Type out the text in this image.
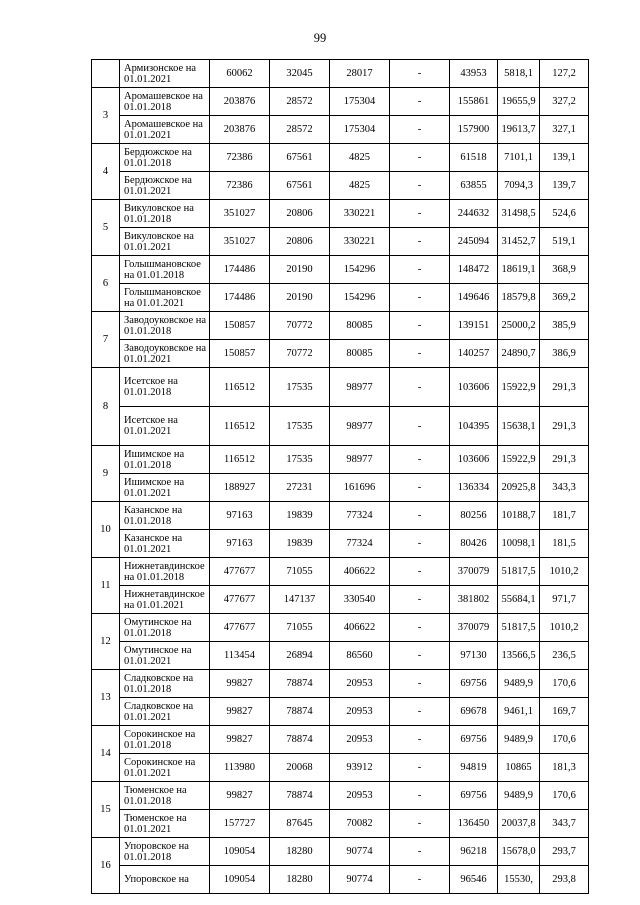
99
	Армизонское на 01.01.2021	60062	32045	28017	-	43953	5818,1	127,2
3	Аромашевское на 01.01.2018	203876	28572	175304	-	155861	19655,9	327,2
	Аромашевское на 01.01.2021	203876	28572	175304	-	157900	19613,7	327,1
4	Бердюжское на 01.01.2018	72386	67561	4825	-	61518	7101,1	139,1
	Бердюжское на 01.01.2021	72386	67561	4825	-	63855	7094,3	139,7
5	Викуловское на 01.01.2018	351027	20806	330221	-	244632	31498,5	524,6
	Викуловское на 01.01.2021	351027	20806	330221	-	245094	31452,7	519,1
6	Голышмановское на 01.01.2018	174486	20190	154296	-	148472	18619,1	368,9
	Голышмановское на 01.01.2021	174486	20190	154296	-	149646	18579,8	369,2
7	Заводоуковское на 01.01.2018	150857	70772	80085	-	139151	25000,2	385,9
	Заводоуковское на 01.01.2021	150857	70772	80085	-	140257	24890,7	386,9
8	Исетское на 01.01.2018	116512	17535	98977	-	103606	15922,9	291,3
	Исетское на 01.01.2021	116512	17535	98977	-	104395	15638,1	291,3
9	Ишимское на 01.01.2018	116512	17535	98977	-	103606	15922,9	291,3
	Ишимское на 01.01.2021	188927	27231	161696	-	136334	20925,8	343,3
10	Казанское на 01.01.2018	97163	19839	77324	-	80256	10188,7	181,7
	Казанское на 01.01.2021	97163	19839	77324	-	80426	10098,1	181,5
11	Нижнетавдинское на 01.01.2018	477677	71055	406622	-	370079	51817,5	1010,2
	Нижнетавдинское на 01.01.2021	477677	147137	330540	-	381802	55684,1	971,7
12	Омутинское на 01.01.2018	477677	71055	406622	-	370079	51817,5	1010,2
	Омутинское на 01.01.2021	113454	26894	86560	-	97130	13566,5	236,5
13	Сладковское на 01.01.2018	99827	78874	20953	-	69756	9489,9	170,6
	Сладковское на 01.01.2021	99827	78874	20953	-	69678	9461,1	169,7
14	Сорокинское на 01.01.2018	99827	78874	20953	-	69756	9489,9	170,6
	Сорокинское на 01.01.2021	113980	20068	93912	-	94819	10865	181,3
15	Тюменское на 01.01.2018	99827	78874	20953	-	69756	9489,9	170,6
	Тюменское на 01.01.2021	157727	87645	70082	-	136450	20037,8	343,7
16	Упоровское на 01.01.2018	109054	18280	90774	-	96218	15678,0	293,7
	Упоровское на	109054	18280	90774	-	96546	15530,	293,8
